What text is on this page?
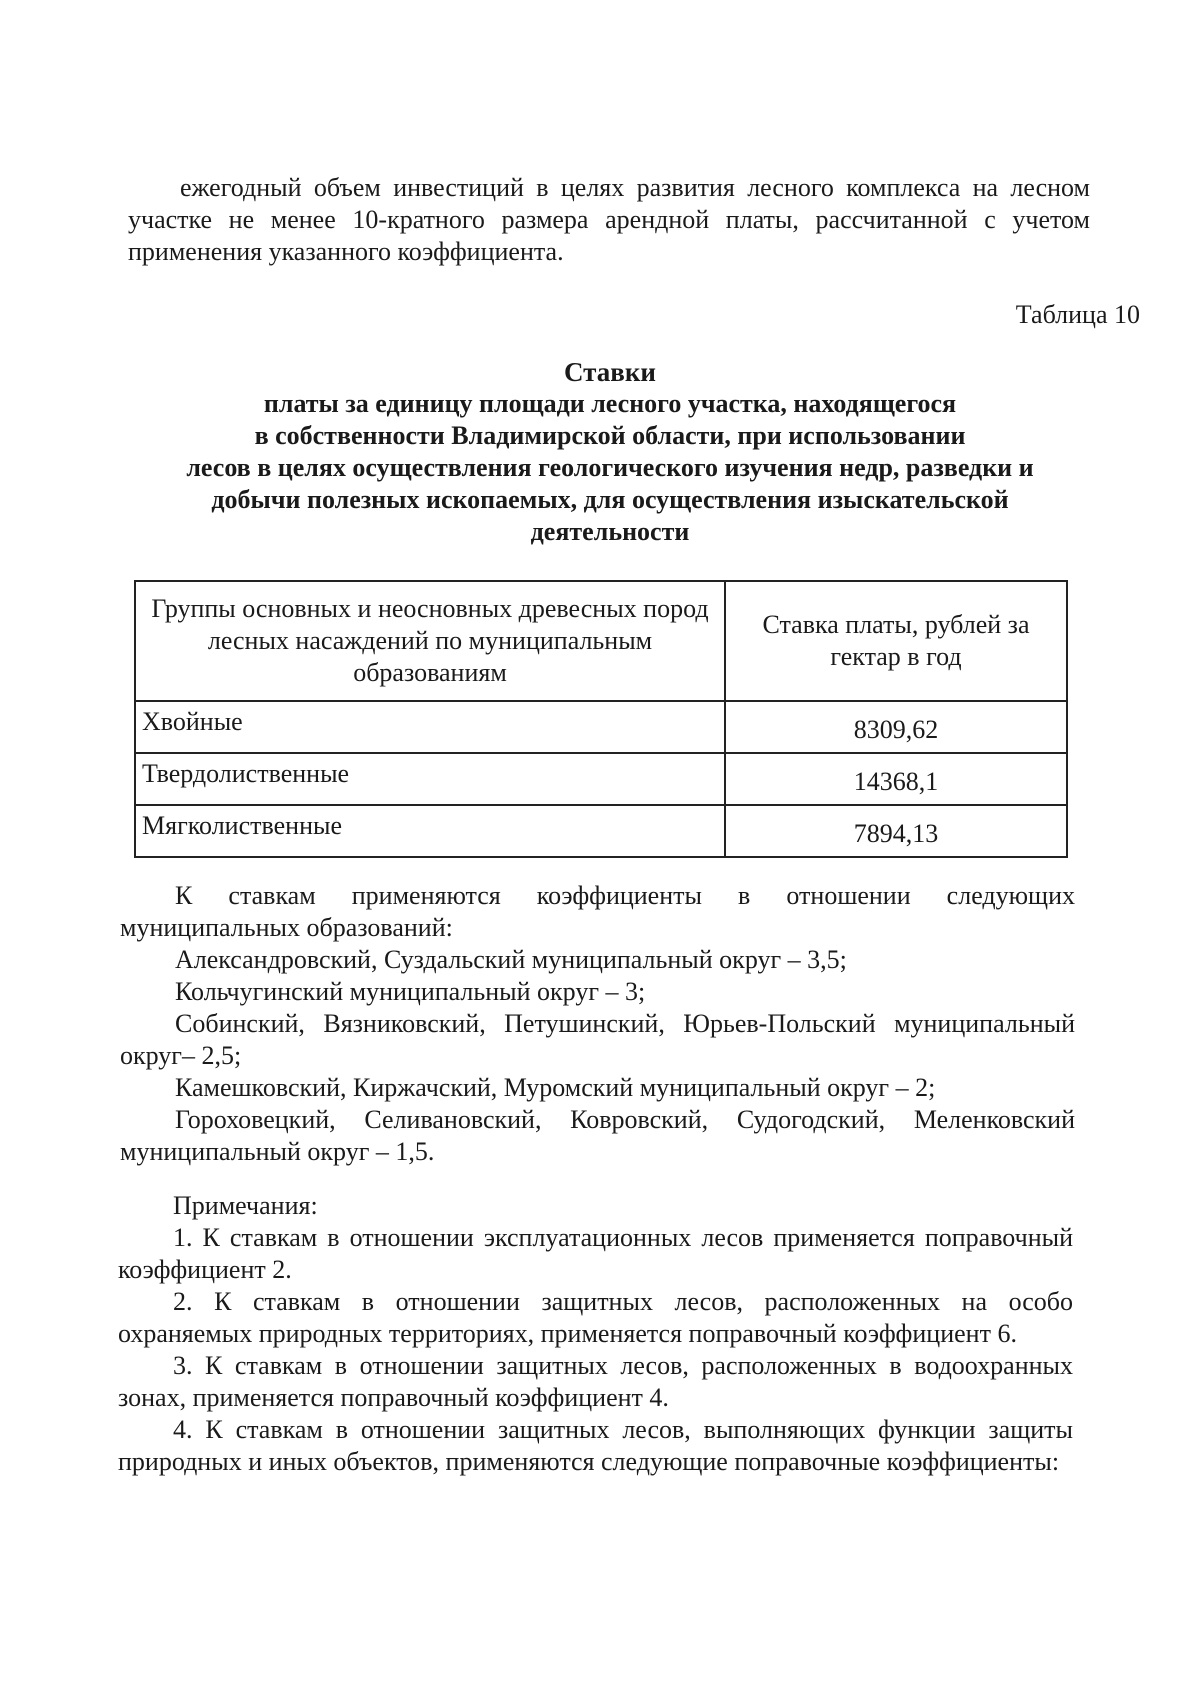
ежегодный объем инвестиций в целях развития лесного комплекса на лесном участке не менее 10-кратного размера арендной платы, рассчитанной с учетом применения указанного коэффициента.

Таблица 10
Ставки
платы за единицу площади лесного участка, находящегося
в собственности Владимирской области, при использовании
лесов в целях осуществления геологического изучения недр, разведки и
добычи полезных ископаемых, для осуществления изыскательской
деятельности
Группы основных и неосновных древесных пород лесных насаждений по муниципальным образованиям	Ставка платы, рублей за гектар в год
Хвойные	8309,62
Твердолиственные	14368,1
Мягколиственные	7894,13

К ставкам применяются коэффициенты в отношении следующих муниципальных образований:

Александровский, Суздальский муниципальный округ – 3,5;

Кольчугинский муниципальный округ – 3;

Собинский, Вязниковский, Петушинский, Юрьев-Польский муниципальный округ– 2,5;

Камешковский, Киржачский, Муромский муниципальный округ – 2;

Гороховецкий, Селивановский, Ковровский, Судогодский, Меленковский муниципальный округ – 1,5.

Примечания:

1. К ставкам в отношении эксплуатационных лесов применяется поправочный коэффициент 2.

2. К ставкам в отношении защитных лесов, расположенных на особо охраняемых природных территориях, применяется поправочный коэффициент 6.

3. К ставкам в отношении защитных лесов, расположенных в водоохранных зонах, применяется поправочный коэффициент 4.

4. К ставкам в отношении защитных лесов, выполняющих функции защиты природных и иных объектов, применяются следующие поправочные коэффициенты:
